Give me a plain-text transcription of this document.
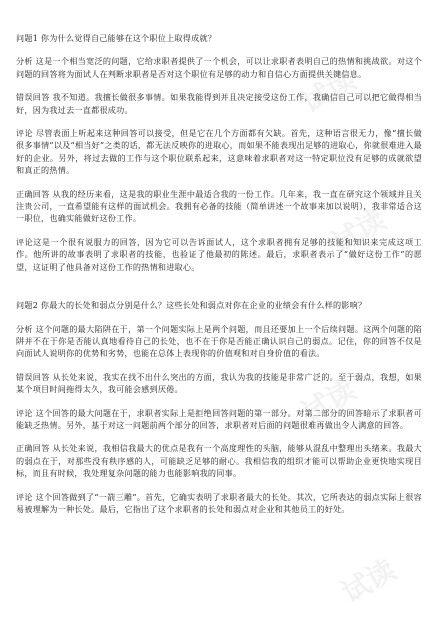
问题1 你为什么觉得自己能够在这个职位上取得成就？

分析 这是一个相当宽泛的问题，它给求职者提供了一个机会，可以让求职者表明自己的热情和挑战欲。对这个问题的回答将为面试人在判断求职者是否对这个职位有足够的动力和自信心方面提供关键信息。

错误回答 我不知道。我擅长做很多事情。如果我能得到并且决定接受这份工作，我确信自己可以把它做得相当好，因为我过去一直都很成功。

评论 尽管表面上听起来这种回答可以接受，但是它在几个方面都有欠缺。首先，这种语言很无力，像“擅长做很多事情”以及“相当好”之类的话，都无法反映你的进取心，而如果不能表现出足够的进取心，你就很难进入最好的企业。另外，将过去做的工作与这个职位联系起来，这意味着求职者对这一特定职位没有足够的成就欲望和真正的热情。

正确回答 从我的经历来看，这是我的职业生涯中最适合我的一份工作。几年来，我一直在研究这个领域并且关注贵公司，一直希望能有这样的面试机会。我拥有必备的技能（简单讲述一个故事来加以说明），我非常适合这一职位，也确实能做好这份工作。

评论这是一个很有说服力的回答，因为它可以告诉面试人，这个求职者拥有足够的技能和知识来完成这项工作。他所讲的故事表明了求职者的技能，也验证了他最初的陈述。最后，求职者表示了“做好这份工作”的愿望，这证明了他具备对这份工作的热情和进取心。

问题2 你最大的长处和弱点分别是什么？这些长处和弱点对你在企业的业绩会有什么样的影响？

分析 这个问题的最大陷阱在于，第一个问题实际上是两个问题，而且还要加上一个后续问题。这两个问题的陷阱并不在于你是否能认真地看待自己的长处，也不在于你是否能正确认识自己的弱点。记住，你的回答不仅是向面试人说明你的优势和劣势，也能在总体上表现你的价值观和对自身价值的看法。

错误回答 从长处来说，我实在找不出什么突出的方面，我认为我的技能是非常广泛的。至于弱点，我想，如果某个项目时间拖得太久，我可能会感到厌倦。

评论 这个回答的最大问题在于，求职者实际上是拒绝回答问题的第一部分。对第二部分的回答暗示了求职者可能缺乏热情。另外，基于对这一问题前两个部分的回答，求职者对后面的问题很难再做出令人满意的回答。

正确回答 从长处来说，我相信我最大的优点是我有一个高度理性的头脑，能够从混乱中整理出头绪来。我最大的弱点在于，对那些没有秩序感的人，可能缺乏足够的耐心。我相信我的组织才能可以帮助企业更快地实现目标，而且有时候，我处理复杂问题的能力也能影响我的同事。

评论 这个回答做到了“一箭三雕”。首先，它确实表明了求职者最大的长处。其次，它所表达的弱点实际上很容易被理解为一种长处。最后，它指出了这个求职者的长处和弱点对企业和其他员工的好处。

试读
试读
试读
试读
